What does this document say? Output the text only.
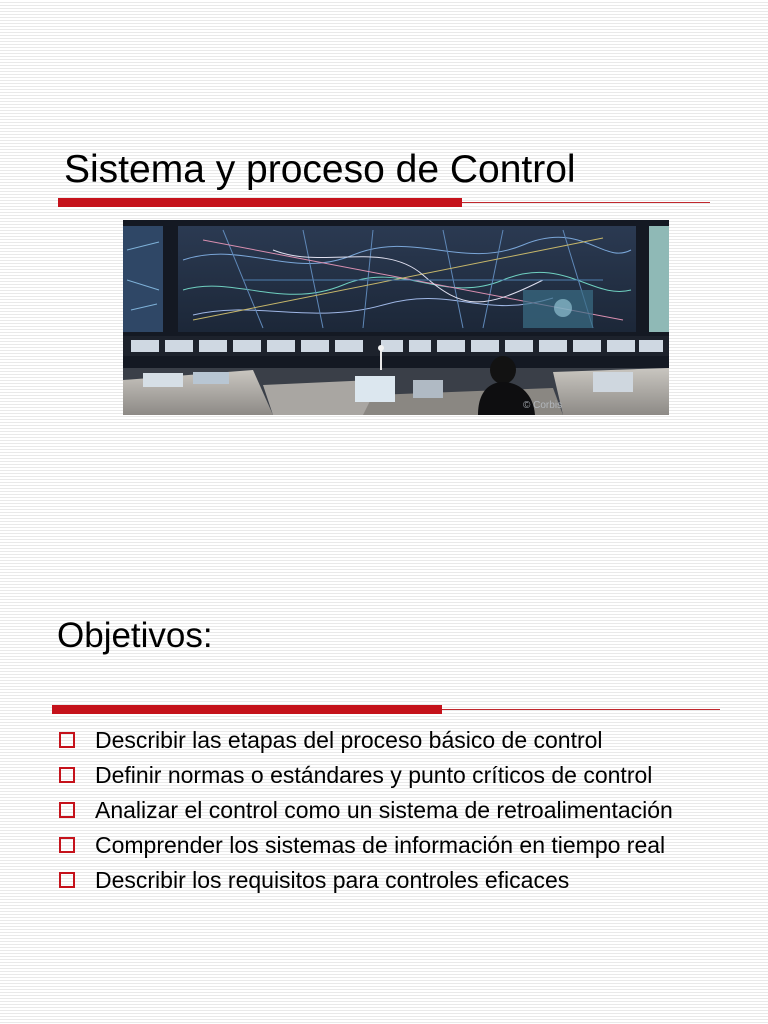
Sistema y proceso de Control
© Corbis
Objetivos:
Describir las etapas del proceso básico de control
Definir normas o estándares y punto críticos de control
Analizar el control como un sistema de retroalimentación
Comprender los sistemas de información en tiempo real
Describir los requisitos para controles eficaces
